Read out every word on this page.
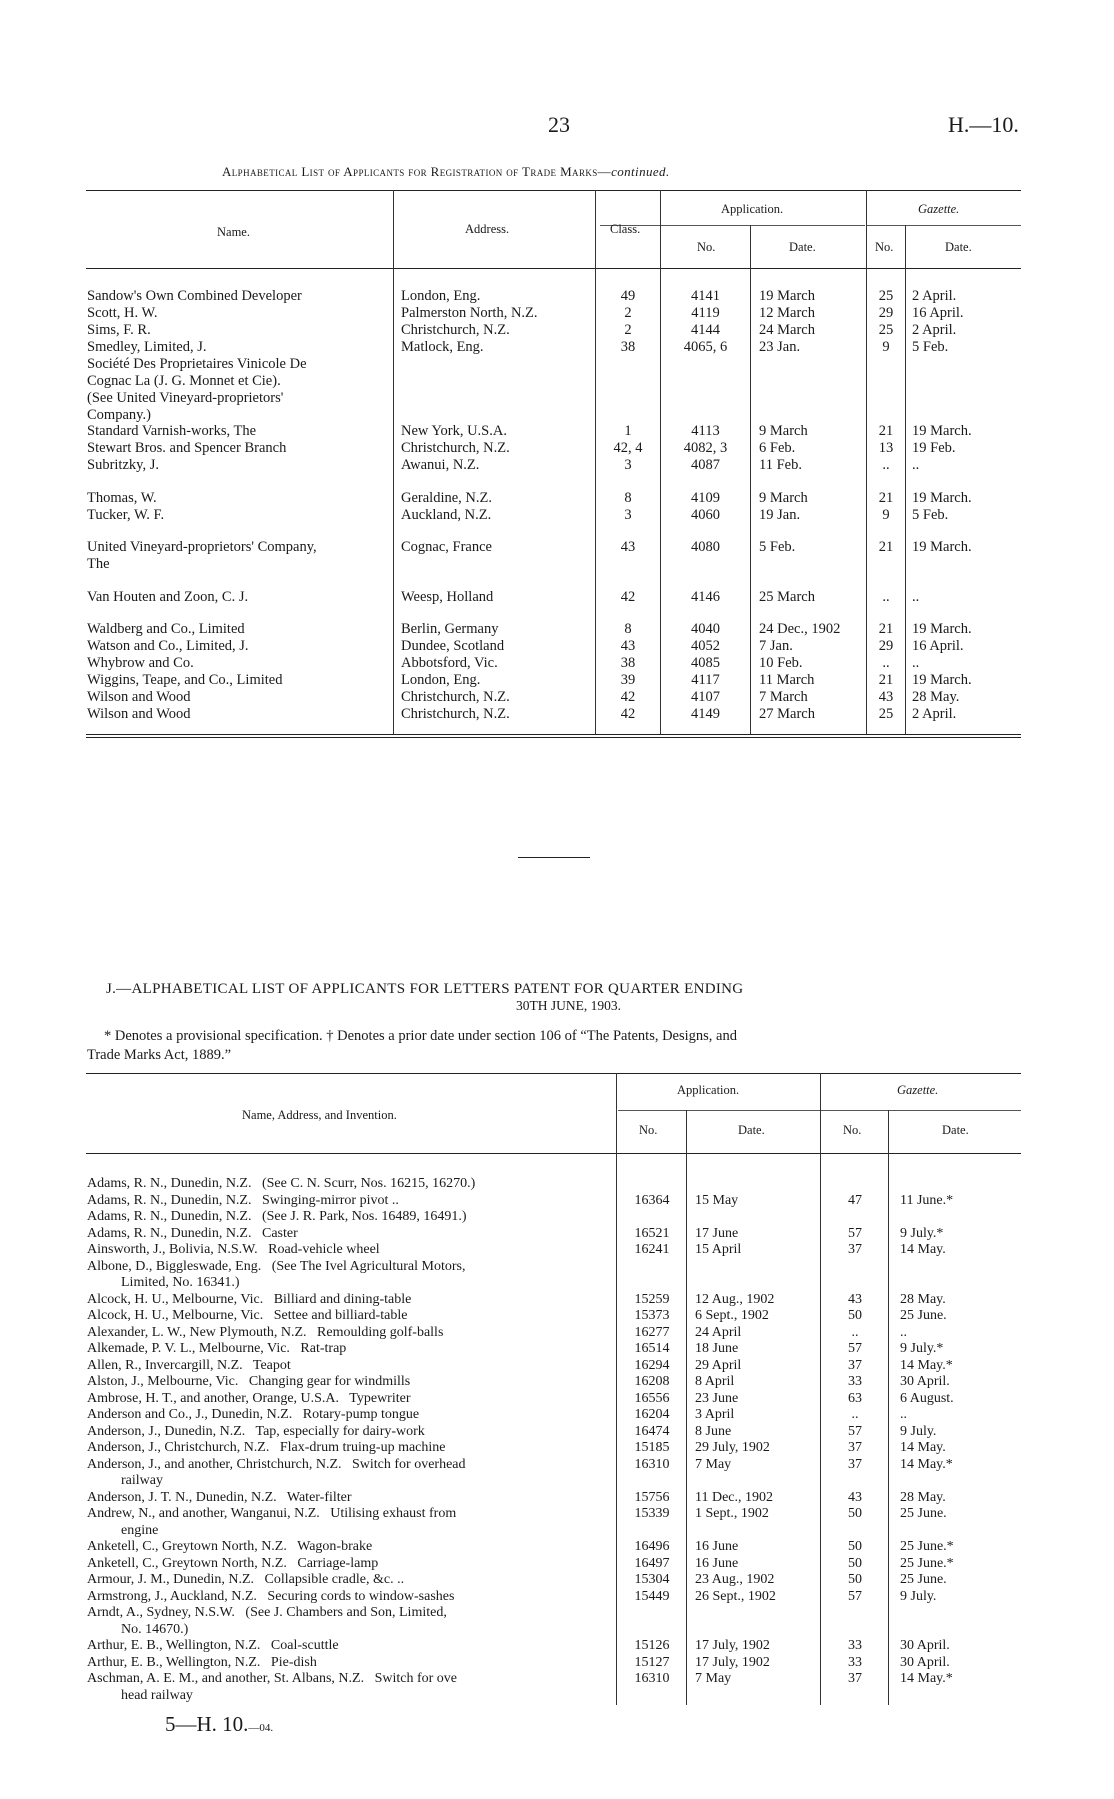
23	H.—10.
Alphabetical List of Applicants for Registration of Trade Marks—continued.
Name.	Address.	Class.
Application.
No.	Date.
Gazette.
No.	Date.
Sandow's Own Combined Developer	London, Eng.	49	4141	19 March	25	2 April.
Scott, H. W.	Palmerston North, N.Z.	2	4119	12 March	29	16 April.
Sims, F. R.	Christchurch, N.Z.	2	4144	24 March	25	2 April.
Smedley, Limited, J.	Matlock, Eng.	38	4065, 6	23 Jan.	9	5 Feb.
Société Des Proprietaires Vinicole De
Cognac La (J. G. Monnet et Cie).
(See United Vineyard-proprietors'
Company.)
Standard Varnish-works, The	New York, U.S.A.	1	4113	9 March	21	19 March.
Stewart Bros. and Spencer Branch	Christchurch, N.Z.	42, 4	4082, 3	6 Feb.	13	19 Feb.
Subritzky, J.	Awanui, N.Z.	3	4087	11 Feb.	..	..
Thomas, W.	Geraldine, N.Z.	8	4109	9 March	21	19 March.
Tucker, W. F.	Auckland, N.Z.	3	4060	19 Jan.	9	5 Feb.
United Vineyard-proprietors' Company,	Cognac, France	43	4080	5 Feb.	21	19 March.
The
Van Houten and Zoon, C. J.	Weesp, Holland	42	4146	25 March	..	..
Waldberg and Co., Limited	Berlin, Germany	8	4040	24 Dec., 1902	21	19 March.
Watson and Co., Limited, J.	Dundee, Scotland	43	4052	7 Jan.	29	16 April.
Whybrow and Co.	Abbotsford, Vic.	38	4085	10 Feb.	..	..
Wiggins, Teape, and Co., Limited	London, Eng.	39	4117	11 March	21	19 March.
Wilson and Wood	Christchurch, N.Z.	42	4107	7 March	43	28 May.
Wilson and Wood	Christchurch, N.Z.	42	4149	27 March	25	2 April.
J.—ALPHABETICAL LIST OF APPLICANTS FOR LETTERS PATENT FOR QUARTER ENDING
30TH JUNE, 1903.
* Denotes a provisional specification. † Denotes a prior date under section 106 of “The Patents, Designs, and
Trade Marks Act, 1889.”
Name, Address, and Invention.
Application.
No.	Date.
Gazette.
No.	Date.
Adams, R. N., Dunedin, N.Z.   (See C. N. Scurr, Nos. 16215, 16270.)
Adams, R. N., Dunedin, N.Z.   Swinging-mirror pivot ..	16364	15 May	47	11 June.*
Adams, R. N., Dunedin, N.Z.   (See J. R. Park, Nos. 16489, 16491.)
Adams, R. N., Dunedin, N.Z.   Caster	16521	17 June	57	9 July.*
Ainsworth, J., Bolivia, N.S.W.   Road-vehicle wheel	16241	15 April	37	14 May.
Albone, D., Biggleswade, Eng.   (See The Ivel Agricultural Motors,
Limited, No. 16341.)
Alcock, H. U., Melbourne, Vic.   Billiard and dining-table	15259	12 Aug., 1902	43	28 May.
Alcock, H. U., Melbourne, Vic.   Settee and billiard-table	15373	6 Sept., 1902	50	25 June.
Alexander, L. W., New Plymouth, N.Z.   Remoulding golf-balls	16277	24 April	..	..
Alkemade, P. V. L., Melbourne, Vic.   Rat-trap	16514	18 June	57	9 July.*
Allen, R., Invercargill, N.Z.   Teapot	16294	29 April	37	14 May.*
Alston, J., Melbourne, Vic.   Changing gear for windmills	16208	8 April	33	30 April.
Ambrose, H. T., and another, Orange, U.S.A.   Typewriter	16556	23 June	63	6 August.
Anderson and Co., J., Dunedin, N.Z.   Rotary-pump tongue	16204	3 April	..	..
Anderson, J., Dunedin, N.Z.   Tap, especially for dairy-work	16474	8 June	57	9 July.
Anderson, J., Christchurch, N.Z.   Flax-drum truing-up machine	15185	29 July, 1902	37	14 May.
Anderson, J., and another, Christchurch, N.Z.   Switch for overhead	16310	7 May	37	14 May.*
railway
Anderson, J. T. N., Dunedin, N.Z.   Water-filter	15756	11 Dec., 1902	43	28 May.
Andrew, N., and another, Wanganui, N.Z.   Utilising exhaust from	15339	1 Sept., 1902	50	25 June.
engine
Anketell, C., Greytown North, N.Z.   Wagon-brake	16496	16 June	50	25 June.*
Anketell, C., Greytown North, N.Z.   Carriage-lamp	16497	16 June	50	25 June.*
Armour, J. M., Dunedin, N.Z.   Collapsible cradle, &c. ..	15304	23 Aug., 1902	50	25 June.
Armstrong, J., Auckland, N.Z.   Securing cords to window-sashes	15449	26 Sept., 1902	57	9 July.
Arndt, A., Sydney, N.S.W.   (See J. Chambers and Son, Limited,
No. 14670.)
Arthur, E. B., Wellington, N.Z.   Coal-scuttle	15126	17 July, 1902	33	30 April.
Arthur, E. B., Wellington, N.Z.   Pie-dish	15127	17 July, 1902	33	30 April.
Aschman, A. E. M., and another, St. Albans, N.Z.   Switch for ove	16310	7 May	37	14 May.*
head railway
5—H. 10.—04.
